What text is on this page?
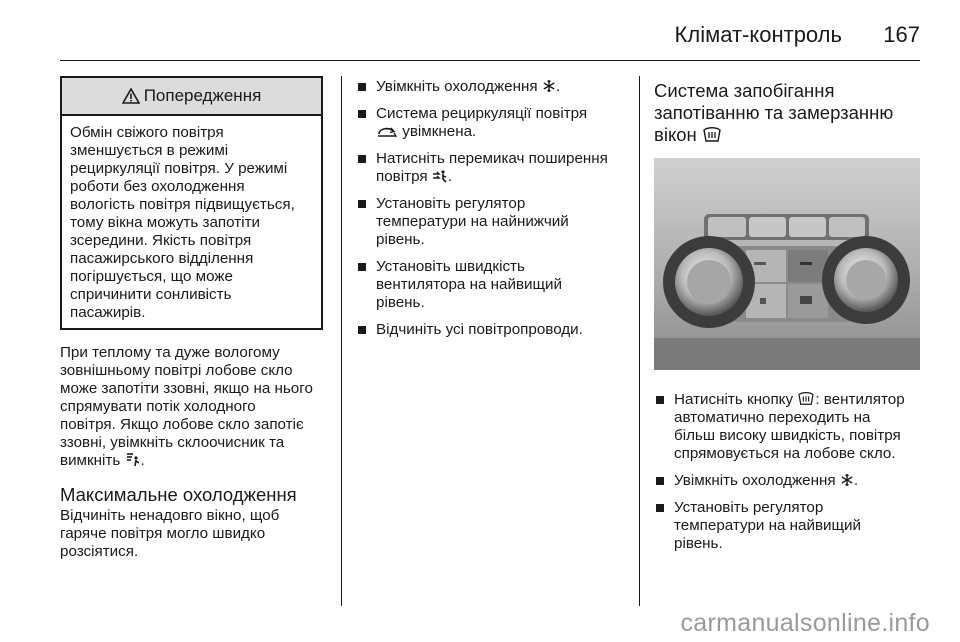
Клімат-контроль 167
Попередження
Обмін свіжого повітря
зменшується в режимі
рециркуляції повітря. У режимі
роботи без охолодження
вологість повітря підвищується,
тому вікна можуть запотіти
зсередини. Якість повітря
пасажирського відділення
погіршується, що може
спричинити сонливість
пасажирів.
При теплому та дуже вологому
зовнішньому повітрі лобове скло
може запотіти ззовні, якщо на нього
спрямувати потік холодного
повітря. Якщо лобове скло запотіє
ззовні, увімкніть склоочисник та
вимкніть .
Максимальне охолодження
Відчиніть ненадовго вікно, щоб
гаряче повітря могло швидко
розсіятися.
Увімкніть охолодження .
Система рециркуляції повітря
увімкнена.
Натисніть перемикач поширення
повітря .
Установіть регулятор
температури на найнижчий
рівень.
Установіть швидкість
вентилятора на найвищий
рівень.
Відчиніть усі повітропроводи.
Система запобігання
запотіванню та замерзанню
вікон
Натисніть кнопку : вентилятор
автоматично переходить на
більш високу швидкість, повітря
спрямовується на лобове скло.
Увімкніть охолодження .
Установіть регулятор
температури на найвищий
рівень.
carmanualsonline.info
